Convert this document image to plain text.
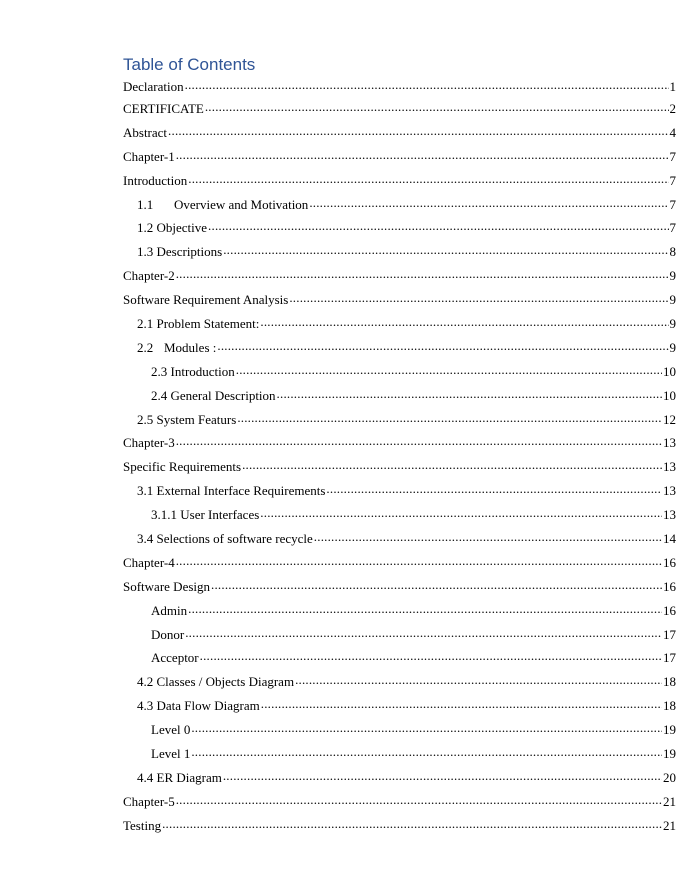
Table of Contents
Declaration .....	1
CERTIFICATE .....	2
Abstract .....	4
Chapter-1 .....	7
Introduction .....	7
1.1	Overview and Motivation .....	7
1.2 Objective .....	7
1.3 Descriptions .....	8
Chapter-2 .....	9
Software Requirement Analysis .....	9
2.1 Problem Statement: .....	9
2.2 Modules : .....	9
2.3 Introduction .....	10
2.4 General Description .....	10
2.5 System Featurs .....	12
Chapter-3 .....	13
Specific Requirements .....	13
3.1 External Interface Requirements .....	13
3.1.1 User Interfaces .....	13
3.4 Selections of software recycle .....	14
Chapter-4 .....	16
Software Design .....	16
Admin .....	16
Donor .....	17
Acceptor .....	17
4.2 Classes / Objects Diagram .....	18
4.3 Data Flow Diagram .....	18
Level 0 .....	19
Level 1 .....	19
4.4 ER Diagram .....	20
Chapter-5 .....	21
Testing .....	21
